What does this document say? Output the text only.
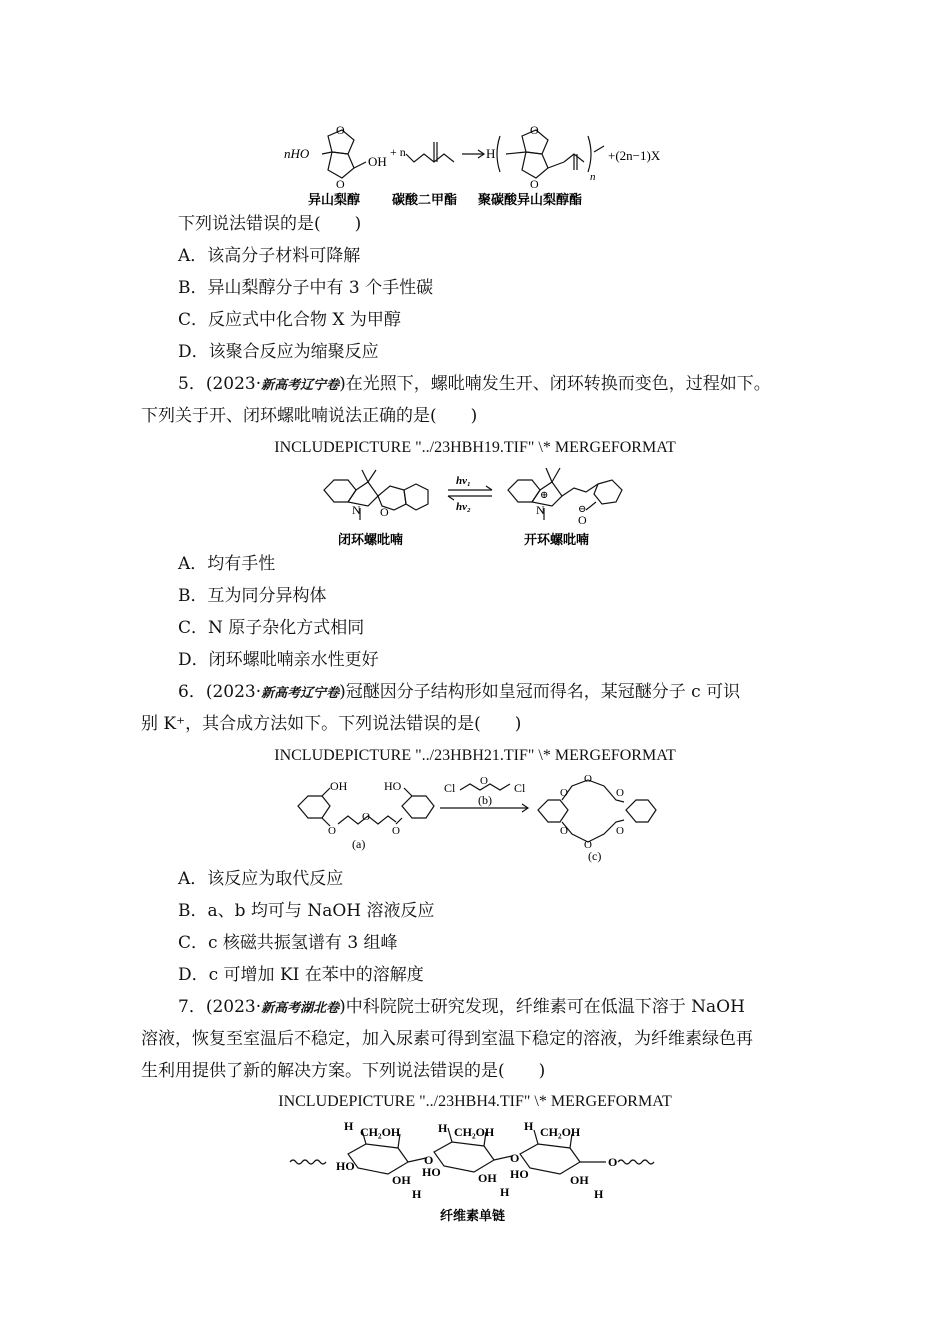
nHO
OH
+ n
O
O
H
O
O	n
+(2n−1)X
异山梨醇 碳酸二甲酯 聚碳酸异山梨醇酯
下列说法错误的是(　　)
A．该高分子材料可降解
B．异山梨醇分子中有 3 个手性碳
C．反应式中化合物 X 为甲醇
D．该聚合反应为缩聚反应
5．(2023·新高考辽宁卷)在光照下，螺吡喃发生开、闭环转换而变色，过程如下。
下列关于开、闭环螺吡喃说法正确的是(　　)
INCLUDEPICTURE "../23HBH19.TIF" \* MERGEFORMAT
N O
hν₁
hν₂	N
⊕
⊖
O
闭环螺吡喃	开环螺吡喃
A．均有手性
B．互为同分异构体
C．N 原子杂化方式相同
D．闭环螺吡喃亲水性更好
6．(2023·新高考辽宁卷)冠醚因分子结构形如皇冠而得名，某冠醚分子 c 可识
别 K⁺，其合成方法如下。下列说法错误的是(　　)
INCLUDEPICTURE "../23HBH21.TIF" \* MERGEFORMAT
OH	HO
O
O
O
(a)
Cl O Cl
(b)	O
O
O
O
O
O
(c)
A．该反应为取代反应
B．a、b 均可与 NaOH 溶液反应
C．c 核磁共振氢谱有 3 组峰
D．c 可增加 KI 在苯中的溶解度
7．(2023·新高考湖北卷)中科院院士研究发现，纤维素可在低温下溶于 NaOH
溶液，恢复至室温后不稳定，加入尿素可得到室温下稳定的溶液，为纤维素绿色再
生利用提供了新的解决方案。下列说法错误的是(　　)
INCLUDEPICTURE "../23HBH4.TIF" \* MERGEFORMAT
H CH₂OH
HO
OH
H
O
H CH₂OH
HO	OH
H
O
H CH₂OH
HO	OH
H
O
纤维素单链
